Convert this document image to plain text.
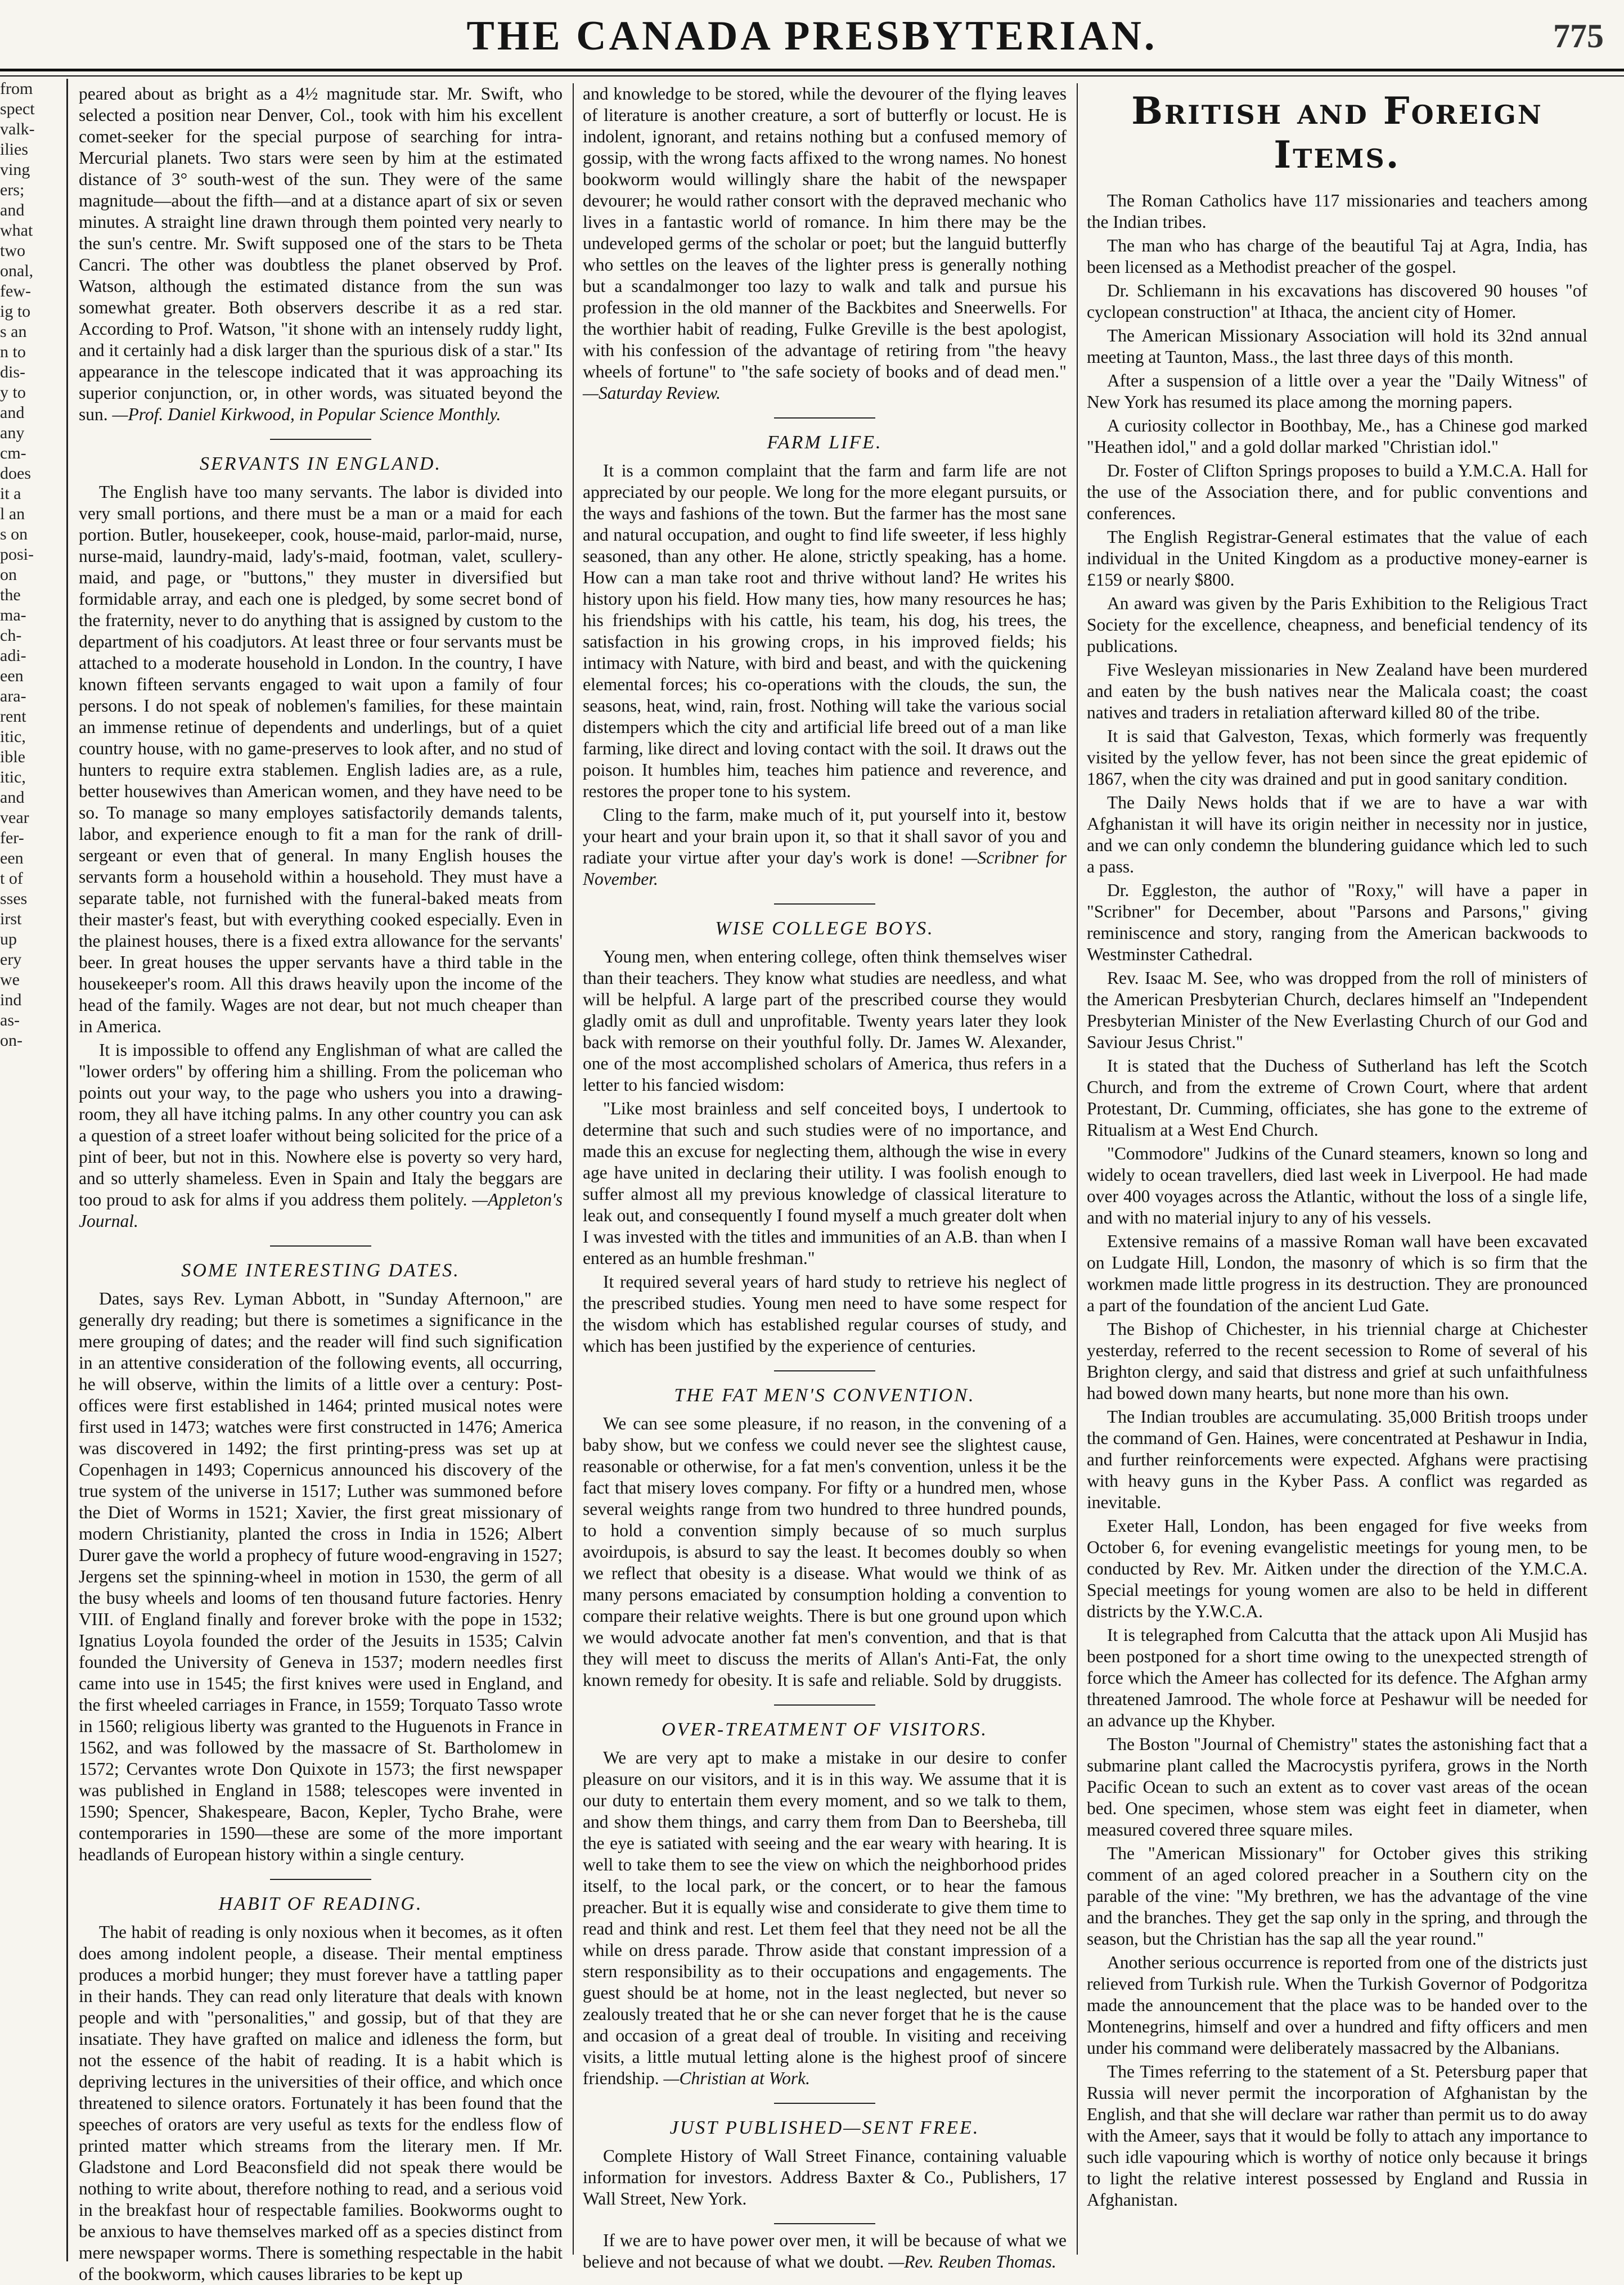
THE CANADA PRESBYTERIAN.	775
from
spect
valk-
ilies
ving
ers;
and
what
two
onal,
few-
ig to
s an
n to
dis-
y to
and
any
cm-
does
it a
l an
s on
posi-
on
the
ma-
ch-
adi-
een
ara-
rent
itic,
ible
itic,
and
vear
fer-
een
t of
sses
irst
up
ery
we
ind
as-
on-

peared about as bright as a 4½ magnitude star. Mr. Swift, who selected a position near Denver, Col., took with him his excellent comet-seeker for the special purpose of searching for intra-Mercurial planets. Two stars were seen by him at the estimated distance of 3° south-west of the sun. They were of the same magnitude—about the fifth—and at a distance apart of six or seven minutes. A straight line drawn through them pointed very nearly to the sun's centre. Mr. Swift supposed one of the stars to be Theta Cancri. The other was doubtless the planet observed by Prof. Watson, although the estimated distance from the sun was somewhat greater. Both observers describe it as a red star. According to Prof. Watson, "it shone with an intensely ruddy light, and it certainly had a disk larger than the spurious disk of a star." Its appearance in the telescope indicated that it was approaching its superior conjunction, or, in other words, was situated beyond the sun. —Prof. Daniel Kirkwood, in Popular Science Monthly.

SERVANTS IN ENGLAND.

The English have too many servants. The labor is divided into very small portions, and there must be a man or a maid for each portion. Butler, housekeeper, cook, house-maid, parlor-maid, nurse, nurse-maid, laundry-maid, lady's-maid, footman, valet, scullery-maid, and page, or "buttons," they muster in diversified but formidable array, and each one is pledged, by some secret bond of the fraternity, never to do anything that is assigned by custom to the department of his coadjutors. At least three or four servants must be attached to a moderate household in London. In the country, I have known fifteen servants engaged to wait upon a family of four persons. I do not speak of noblemen's families, for these maintain an immense retinue of dependents and underlings, but of a quiet country house, with no game-preserves to look after, and no stud of hunters to require extra stablemen. English ladies are, as a rule, better housewives than American women, and they have need to be so. To manage so many employes satisfactorily demands talents, labor, and experience enough to fit a man for the rank of drill-sergeant or even that of general. In many English houses the servants form a household within a household. They must have a separate table, not furnished with the funeral-baked meats from their master's feast, but with everything cooked especially. Even in the plainest houses, there is a fixed extra allowance for the servants' beer. In great houses the upper servants have a third table in the housekeeper's room. All this draws heavily upon the income of the head of the family. Wages are not dear, but not much cheaper than in America.

It is impossible to offend any Englishman of what are called the "lower orders" by offering him a shilling. From the policeman who points out your way, to the page who ushers you into a drawing-room, they all have itching palms. In any other country you can ask a question of a street loafer without being solicited for the price of a pint of beer, but not in this. Nowhere else is poverty so very hard, and so utterly shameless. Even in Spain and Italy the beggars are too proud to ask for alms if you address them politely. —Appleton's Journal.

SOME INTERESTING DATES.

Dates, says Rev. Lyman Abbott, in "Sunday Afternoon," are generally dry reading; but there is sometimes a significance in the mere grouping of dates; and the reader will find such signification in an attentive consideration of the following events, all occurring, he will observe, within the limits of a little over a century: Post-offices were first established in 1464; printed musical notes were first used in 1473; watches were first constructed in 1476; America was discovered in 1492; the first printing-press was set up at Copenhagen in 1493; Copernicus announced his discovery of the true system of the universe in 1517; Luther was summoned before the Diet of Worms in 1521; Xavier, the first great missionary of modern Christianity, planted the cross in India in 1526; Albert Durer gave the world a prophecy of future wood-engraving in 1527; Jergens set the spinning-wheel in motion in 1530, the germ of all the busy wheels and looms of ten thousand future factories. Henry VIII. of England finally and forever broke with the pope in 1532; Ignatius Loyola founded the order of the Jesuits in 1535; Calvin founded the University of Geneva in 1537; modern needles first came into use in 1545; the first knives were used in England, and the first wheeled carriages in France, in 1559; Torquato Tasso wrote in 1560; religious liberty was granted to the Huguenots in France in 1562, and was followed by the massacre of St. Bartholomew in 1572; Cervantes wrote Don Quixote in 1573; the first newspaper was published in England in 1588; telescopes were invented in 1590; Spencer, Shakespeare, Bacon, Kepler, Tycho Brahe, were contemporaries in 1590—these are some of the more important headlands of European history within a single century.

HABIT OF READING.

The habit of reading is only noxious when it becomes, as it often does among indolent people, a disease. Their mental emptiness produces a morbid hunger; they must forever have a tattling paper in their hands. They can read only literature that deals with known people and with "personalities," and gossip, but of that they are insatiate. They have grafted on malice and idleness the form, but not the essence of the habit of reading. It is a habit which is depriving lectures in the universities of their office, and which once threatened to silence orators. Fortunately it has been found that the speeches of orators are very useful as texts for the endless flow of printed matter which streams from the literary men. If Mr. Gladstone and Lord Beaconsfield did not speak there would be nothing to write about, therefore nothing to read, and a serious void in the breakfast hour of respectable families. Bookworms ought to be anxious to have themselves marked off as a species distinct from mere newspaper worms. There is something respectable in the habit of the bookworm, which causes libraries to be kept up

and knowledge to be stored, while the devourer of the flying leaves of literature is another creature, a sort of butterfly or locust. He is indolent, ignorant, and retains nothing but a confused memory of gossip, with the wrong facts affixed to the wrong names. No honest bookworm would willingly share the habit of the newspaper devourer; he would rather consort with the depraved mechanic who lives in a fantastic world of romance. In him there may be the undeveloped germs of the scholar or poet; but the languid butterfly who settles on the leaves of the lighter press is generally nothing but a scandalmonger too lazy to walk and talk and pursue his profession in the old manner of the Backbites and Sneerwells. For the worthier habit of reading, Fulke Greville is the best apologist, with his confession of the advantage of retiring from "the heavy wheels of fortune" to "the safe society of books and of dead men." —Saturday Review.

FARM LIFE.

It is a common complaint that the farm and farm life are not appreciated by our people. We long for the more elegant pursuits, or the ways and fashions of the town. But the farmer has the most sane and natural occupation, and ought to find life sweeter, if less highly seasoned, than any other. He alone, strictly speaking, has a home. How can a man take root and thrive without land? He writes his history upon his field. How many ties, how many resources he has; his friendships with his cattle, his team, his dog, his trees, the satisfaction in his growing crops, in his improved fields; his intimacy with Nature, with bird and beast, and with the quickening elemental forces; his co-operations with the clouds, the sun, the seasons, heat, wind, rain, frost. Nothing will take the various social distempers which the city and artificial life breed out of a man like farming, like direct and loving contact with the soil. It draws out the poison. It humbles him, teaches him patience and reverence, and restores the proper tone to his system.

Cling to the farm, make much of it, put yourself into it, bestow your heart and your brain upon it, so that it shall savor of you and radiate your virtue after your day's work is done! —Scribner for November.

WISE COLLEGE BOYS.

Young men, when entering college, often think themselves wiser than their teachers. They know what studies are needless, and what will be helpful. A large part of the prescribed course they would gladly omit as dull and unprofitable. Twenty years later they look back with remorse on their youthful folly. Dr. James W. Alexander, one of the most accomplished scholars of America, thus refers in a letter to his fancied wisdom:

"Like most brainless and self conceited boys, I undertook to determine that such and such studies were of no importance, and made this an excuse for neglecting them, although the wise in every age have united in declaring their utility. I was foolish enough to suffer almost all my previous knowledge of classical literature to leak out, and consequently I found myself a much greater dolt when I was invested with the titles and immunities of an A.B. than when I entered as an humble freshman."

It required several years of hard study to retrieve his neglect of the prescribed studies. Young men need to have some respect for the wisdom which has established regular courses of study, and which has been justified by the experience of centuries.

THE FAT MEN'S CONVENTION.

We can see some pleasure, if no reason, in the convening of a baby show, but we confess we could never see the slightest cause, reasonable or otherwise, for a fat men's convention, unless it be the fact that misery loves company. For fifty or a hundred men, whose several weights range from two hundred to three hundred pounds, to hold a convention simply because of so much surplus avoirdupois, is absurd to say the least. It becomes doubly so when we reflect that obesity is a disease. What would we think of as many persons emaciated by consumption holding a convention to compare their relative weights. There is but one ground upon which we would advocate another fat men's convention, and that is that they will meet to discuss the merits of Allan's Anti-Fat, the only known remedy for obesity. It is safe and reliable. Sold by druggists.

OVER-TREATMENT OF VISITORS.

We are very apt to make a mistake in our desire to confer pleasure on our visitors, and it is in this way. We assume that it is our duty to entertain them every moment, and so we talk to them, and show them things, and carry them from Dan to Beersheba, till the eye is satiated with seeing and the ear weary with hearing. It is well to take them to see the view on which the neighborhood prides itself, to the local park, or the concert, or to hear the famous preacher. But it is equally wise and considerate to give them time to read and think and rest. Let them feel that they need not be all the while on dress parade. Throw aside that constant impression of a stern responsibility as to their occupations and engagements. The guest should be at home, not in the least neglected, but never so zealously treated that he or she can never forget that he is the cause and occasion of a great deal of trouble. In visiting and receiving visits, a little mutual letting alone is the highest proof of sincere friendship. —Christian at Work.

JUST PUBLISHED—SENT FREE.

Complete History of Wall Street Finance, containing valuable information for investors. Address Baxter & Co., Publishers, 17 Wall Street, New York.

If we are to have power over men, it will be because of what we believe and not because of what we doubt. —Rev. Reuben Thomas.

British and Foreign Items.

The Roman Catholics have 117 missionaries and teachers among the Indian tribes.

The man who has charge of the beautiful Taj at Agra, India, has been licensed as a Methodist preacher of the gospel.

Dr. Schliemann in his excavations has discovered 90 houses "of cyclopean construction" at Ithaca, the ancient city of Homer.

The American Missionary Association will hold its 32nd annual meeting at Taunton, Mass., the last three days of this month.

After a suspension of a little over a year the "Daily Witness" of New York has resumed its place among the morning papers.

A curiosity collector in Boothbay, Me., has a Chinese god marked "Heathen idol," and a gold dollar marked "Christian idol."

Dr. Foster of Clifton Springs proposes to build a Y.M.C.A. Hall for the use of the Association there, and for public conventions and conferences.

The English Registrar-General estimates that the value of each individual in the United Kingdom as a productive money-earner is £159 or nearly $800.

An award was given by the Paris Exhibition to the Religious Tract Society for the excellence, cheapness, and beneficial tendency of its publications.

Five Wesleyan missionaries in New Zealand have been murdered and eaten by the bush natives near the Malicala coast; the coast natives and traders in retaliation afterward killed 80 of the tribe.

It is said that Galveston, Texas, which formerly was frequently visited by the yellow fever, has not been since the great epidemic of 1867, when the city was drained and put in good sanitary condition.

The Daily News holds that if we are to have a war with Afghanistan it will have its origin neither in necessity nor in justice, and we can only condemn the blundering guidance which led to such a pass.

Dr. Eggleston, the author of "Roxy," will have a paper in "Scribner" for December, about "Parsons and Parsons," giving reminiscence and story, ranging from the American backwoods to Westminster Cathedral.

Rev. Isaac M. See, who was dropped from the roll of ministers of the American Presbyterian Church, declares himself an "Independent Presbyterian Minister of the New Everlasting Church of our God and Saviour Jesus Christ."

It is stated that the Duchess of Sutherland has left the Scotch Church, and from the extreme of Crown Court, where that ardent Protestant, Dr. Cumming, officiates, she has gone to the extreme of Ritualism at a West End Church.

"Commodore" Judkins of the Cunard steamers, known so long and widely to ocean travellers, died last week in Liverpool. He had made over 400 voyages across the Atlantic, without the loss of a single life, and with no material injury to any of his vessels.

Extensive remains of a massive Roman wall have been excavated on Ludgate Hill, London, the masonry of which is so firm that the workmen made little progress in its destruction. They are pronounced a part of the foundation of the ancient Lud Gate.

The Bishop of Chichester, in his triennial charge at Chichester yesterday, referred to the recent secession to Rome of several of his Brighton clergy, and said that distress and grief at such unfaithfulness had bowed down many hearts, but none more than his own.

The Indian troubles are accumulating. 35,000 British troops under the command of Gen. Haines, were concentrated at Peshawur in India, and further reinforcements were expected. Afghans were practising with heavy guns in the Kyber Pass. A conflict was regarded as inevitable.

Exeter Hall, London, has been engaged for five weeks from October 6, for evening evangelistic meetings for young men, to be conducted by Rev. Mr. Aitken under the direction of the Y.M.C.A. Special meetings for young women are also to be held in different districts by the Y.W.C.A.

It is telegraphed from Calcutta that the attack upon Ali Musjid has been postponed for a short time owing to the unexpected strength of force which the Ameer has collected for its defence. The Afghan army threatened Jamrood. The whole force at Peshawur will be needed for an advance up the Khyber.

The Boston "Journal of Chemistry" states the astonishing fact that a submarine plant called the Macrocystis pyrifera, grows in the North Pacific Ocean to such an extent as to cover vast areas of the ocean bed. One specimen, whose stem was eight feet in diameter, when measured covered three square miles.

The "American Missionary" for October gives this striking comment of an aged colored preacher in a Southern city on the parable of the vine: "My brethren, we has the advantage of the vine and the branches. They get the sap only in the spring, and through the season, but the Christian has the sap all the year round."

Another serious occurrence is reported from one of the districts just relieved from Turkish rule. When the Turkish Governor of Podgoritza made the announcement that the place was to be handed over to the Montenegrins, himself and over a hundred and fifty officers and men under his command were deliberately massacred by the Albanians.

The Times referring to the statement of a St. Petersburg paper that Russia will never permit the incorporation of Afghanistan by the English, and that she will declare war rather than permit us to do away with the Ameer, says that it would be folly to attach any importance to such idle vapouring which is worthy of notice only because it brings to light the relative interest possessed by England and Russia in Afghanistan.
